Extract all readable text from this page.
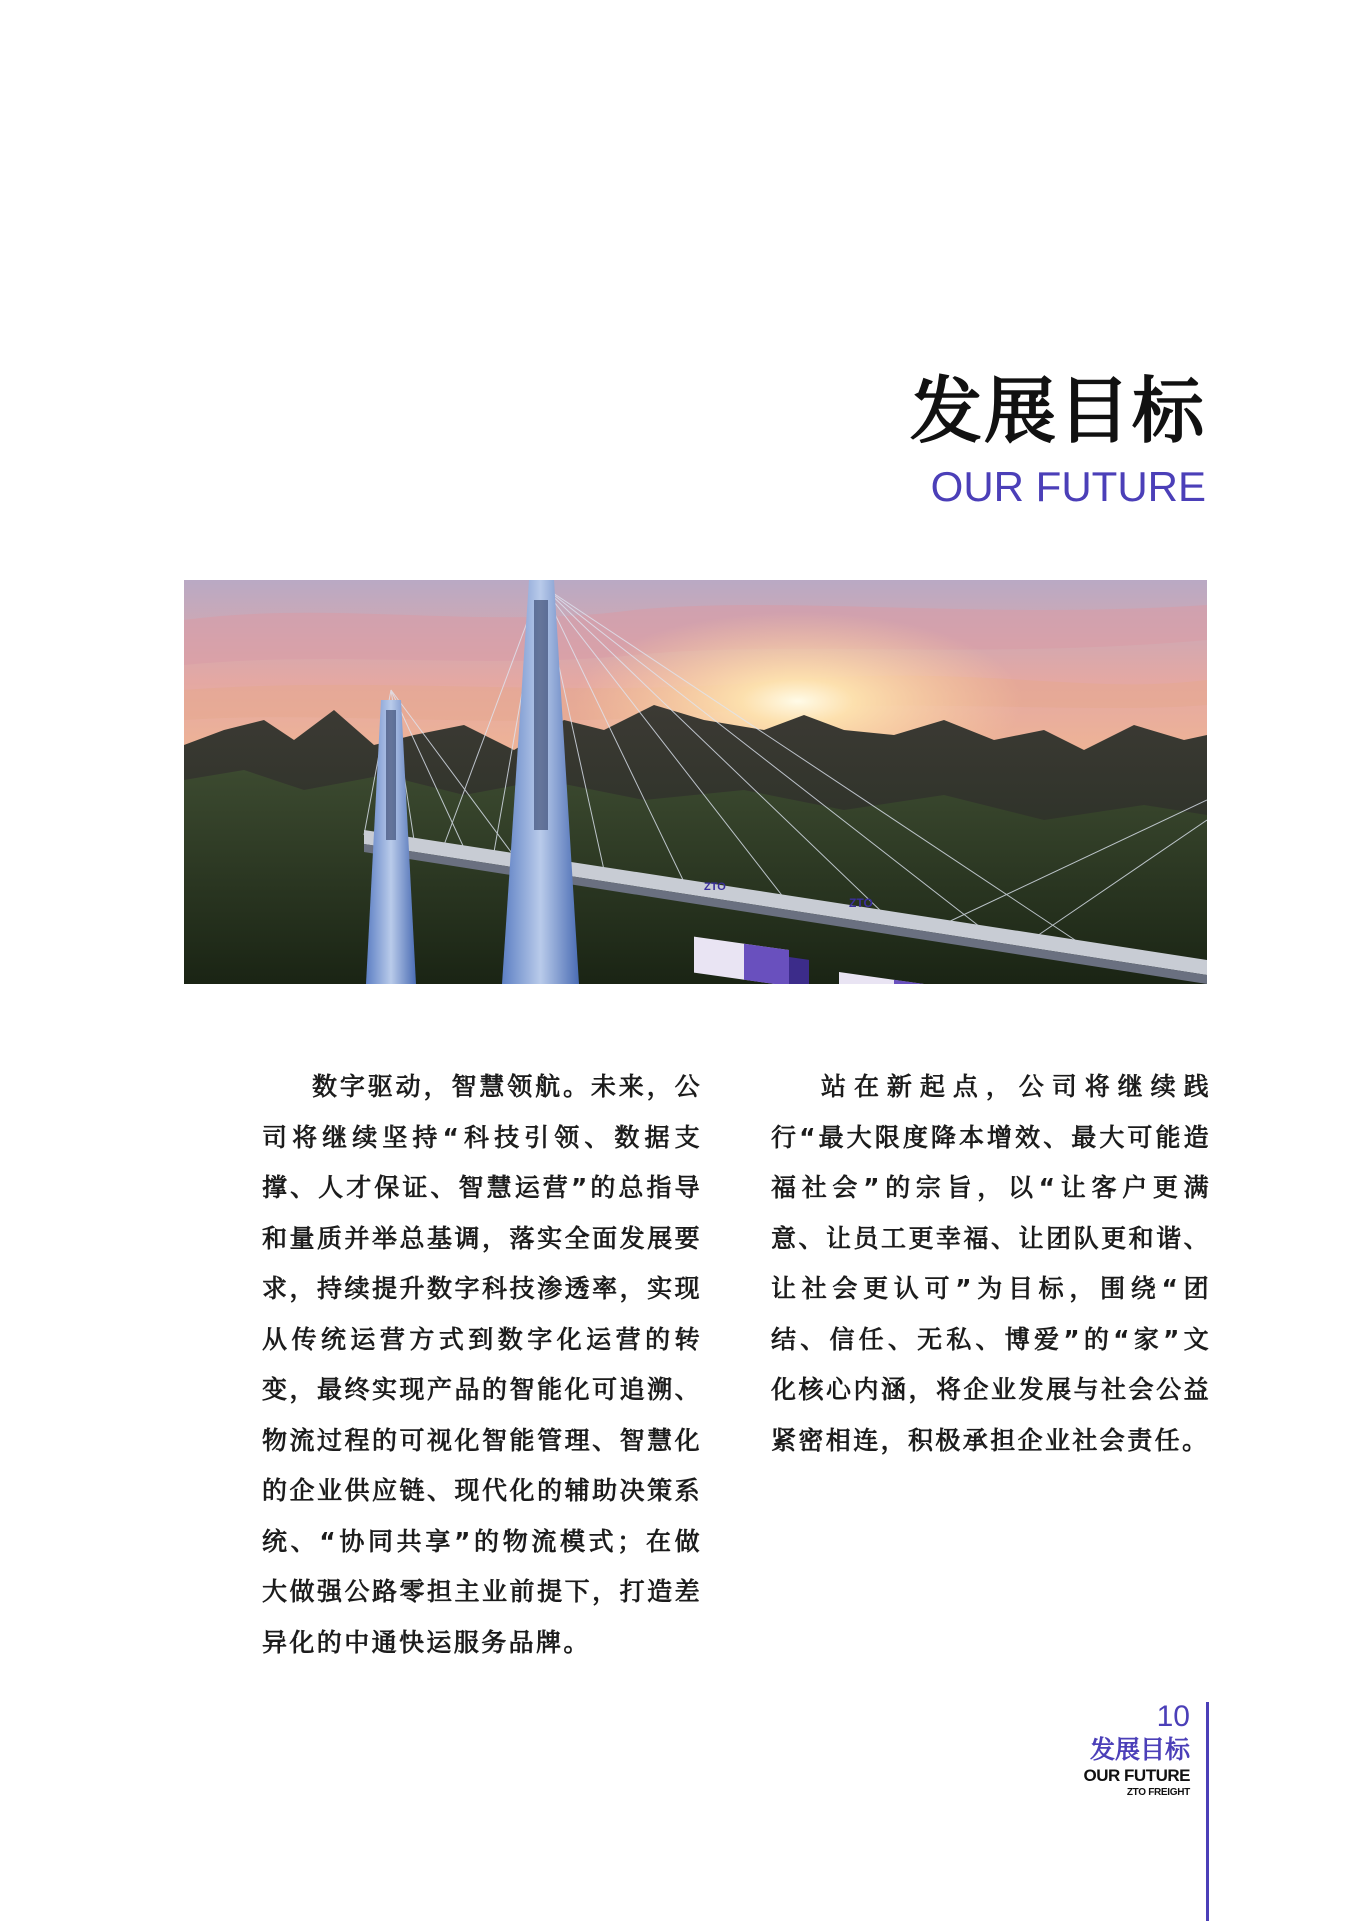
发展目标
OUR FUTURE
ZTO
ZTO

数字驱动，智慧领航。未来，公司将继续坚持“科技引领、数据支撑、人才保证、智慧运营”的总指导和量质并举总基调，落实全面发展要求，持续提升数字科技渗透率，实现从传统运营方式到数字化运营的转变，最终实现产品的智能化可追溯、物流过程的可视化智能管理、智慧化的企业供应链、现代化的辅助决策系统、“协同共享”的物流模式；在做大做强公路零担主业前提下，打造差异化的中通快运服务品牌。

站在新起点，公司将继续践行“最大限度降本增效、最大可能造福社会”的宗旨，以“让客户更满意、让员工更幸福、让团队更和谐、让社会更认可”为目标，围绕“团结、信任、无私、博爱”的“家”文化核心内涵，将企业发展与社会公益紧密相连，积极承担企业社会责任。

10
发展目标
OUR FUTURE
ZTO FREIGHT
